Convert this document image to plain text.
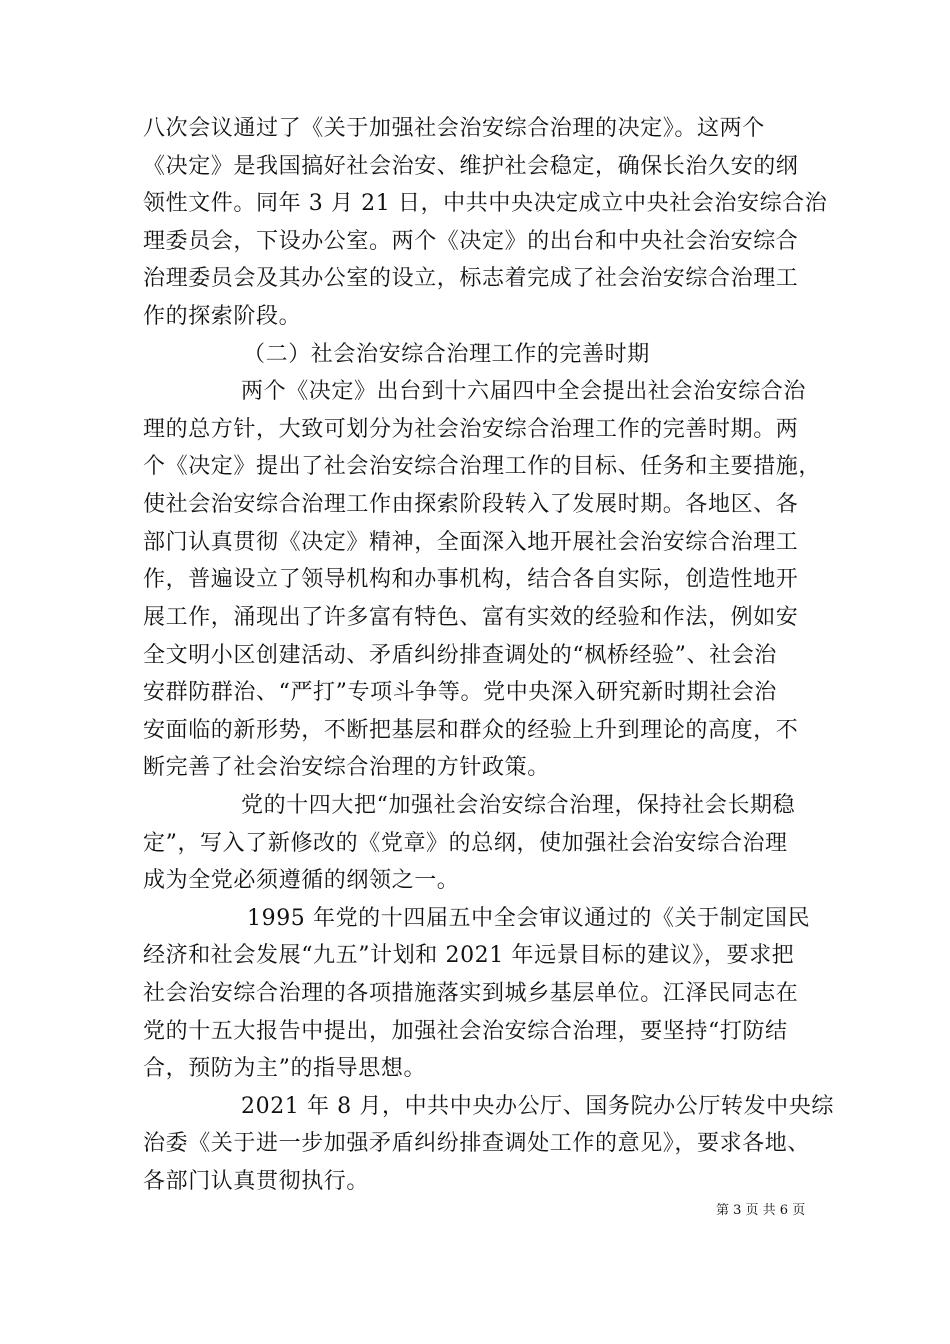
八次会议通过了《关于加强社会治安综合治理的决定》。这两个
《决定》是我国搞好社会治安、维护社会稳定，确保长治久安的纲
领性文件。同年 3 月 21 日，中共中央决定成立中央社会治安综合治
理委员会，下设办公室。两个《决定》的出台和中央社会治安综合
治理委员会及其办公室的设立，标志着完成了社会治安综合治理工
作的探索阶段。
（二）社会治安综合治理工作的完善时期
两个《决定》出台到十六届四中全会提出社会治安综合治
理的总方针，大致可划分为社会治安综合治理工作的完善时期。两
个《决定》提出了社会治安综合治理工作的目标、任务和主要措施，
使社会治安综合治理工作由探索阶段转入了发展时期。各地区、各
部门认真贯彻《决定》精神，全面深入地开展社会治安综合治理工
作，普遍设立了领导机构和办事机构，结合各自实际，创造性地开
展工作，涌现出了许多富有特色、富有实效的经验和作法，例如安
全文明小区创建活动、矛盾纠纷排查调处的“枫桥经验”、社会治
安群防群治、“严打”专项斗争等。党中央深入研究新时期社会治
安面临的新形势，不断把基层和群众的经验上升到理论的高度，不
断完善了社会治安综合治理的方针政策。
党的十四大把“加强社会治安综合治理，保持社会长期稳
定”，写入了新修改的《党章》的总纲，使加强社会治安综合治理
成为全党必须遵循的纲领之一。
1995 年党的十四届五中全会审议通过的《关于制定国民
经济和社会发展“九五”计划和 2021 年远景目标的建议》，要求把
社会治安综合治理的各项措施落实到城乡基层单位。江泽民同志在
党的十五大报告中提出，加强社会治安综合治理，要坚持“打防结
合，预防为主”的指导思想。
2021 年 8 月，中共中央办公厅、国务院办公厅转发中央综
治委《关于进一步加强矛盾纠纷排查调处工作的意见》，要求各地、
各部门认真贯彻执行。
第 3 页 共 6 页
